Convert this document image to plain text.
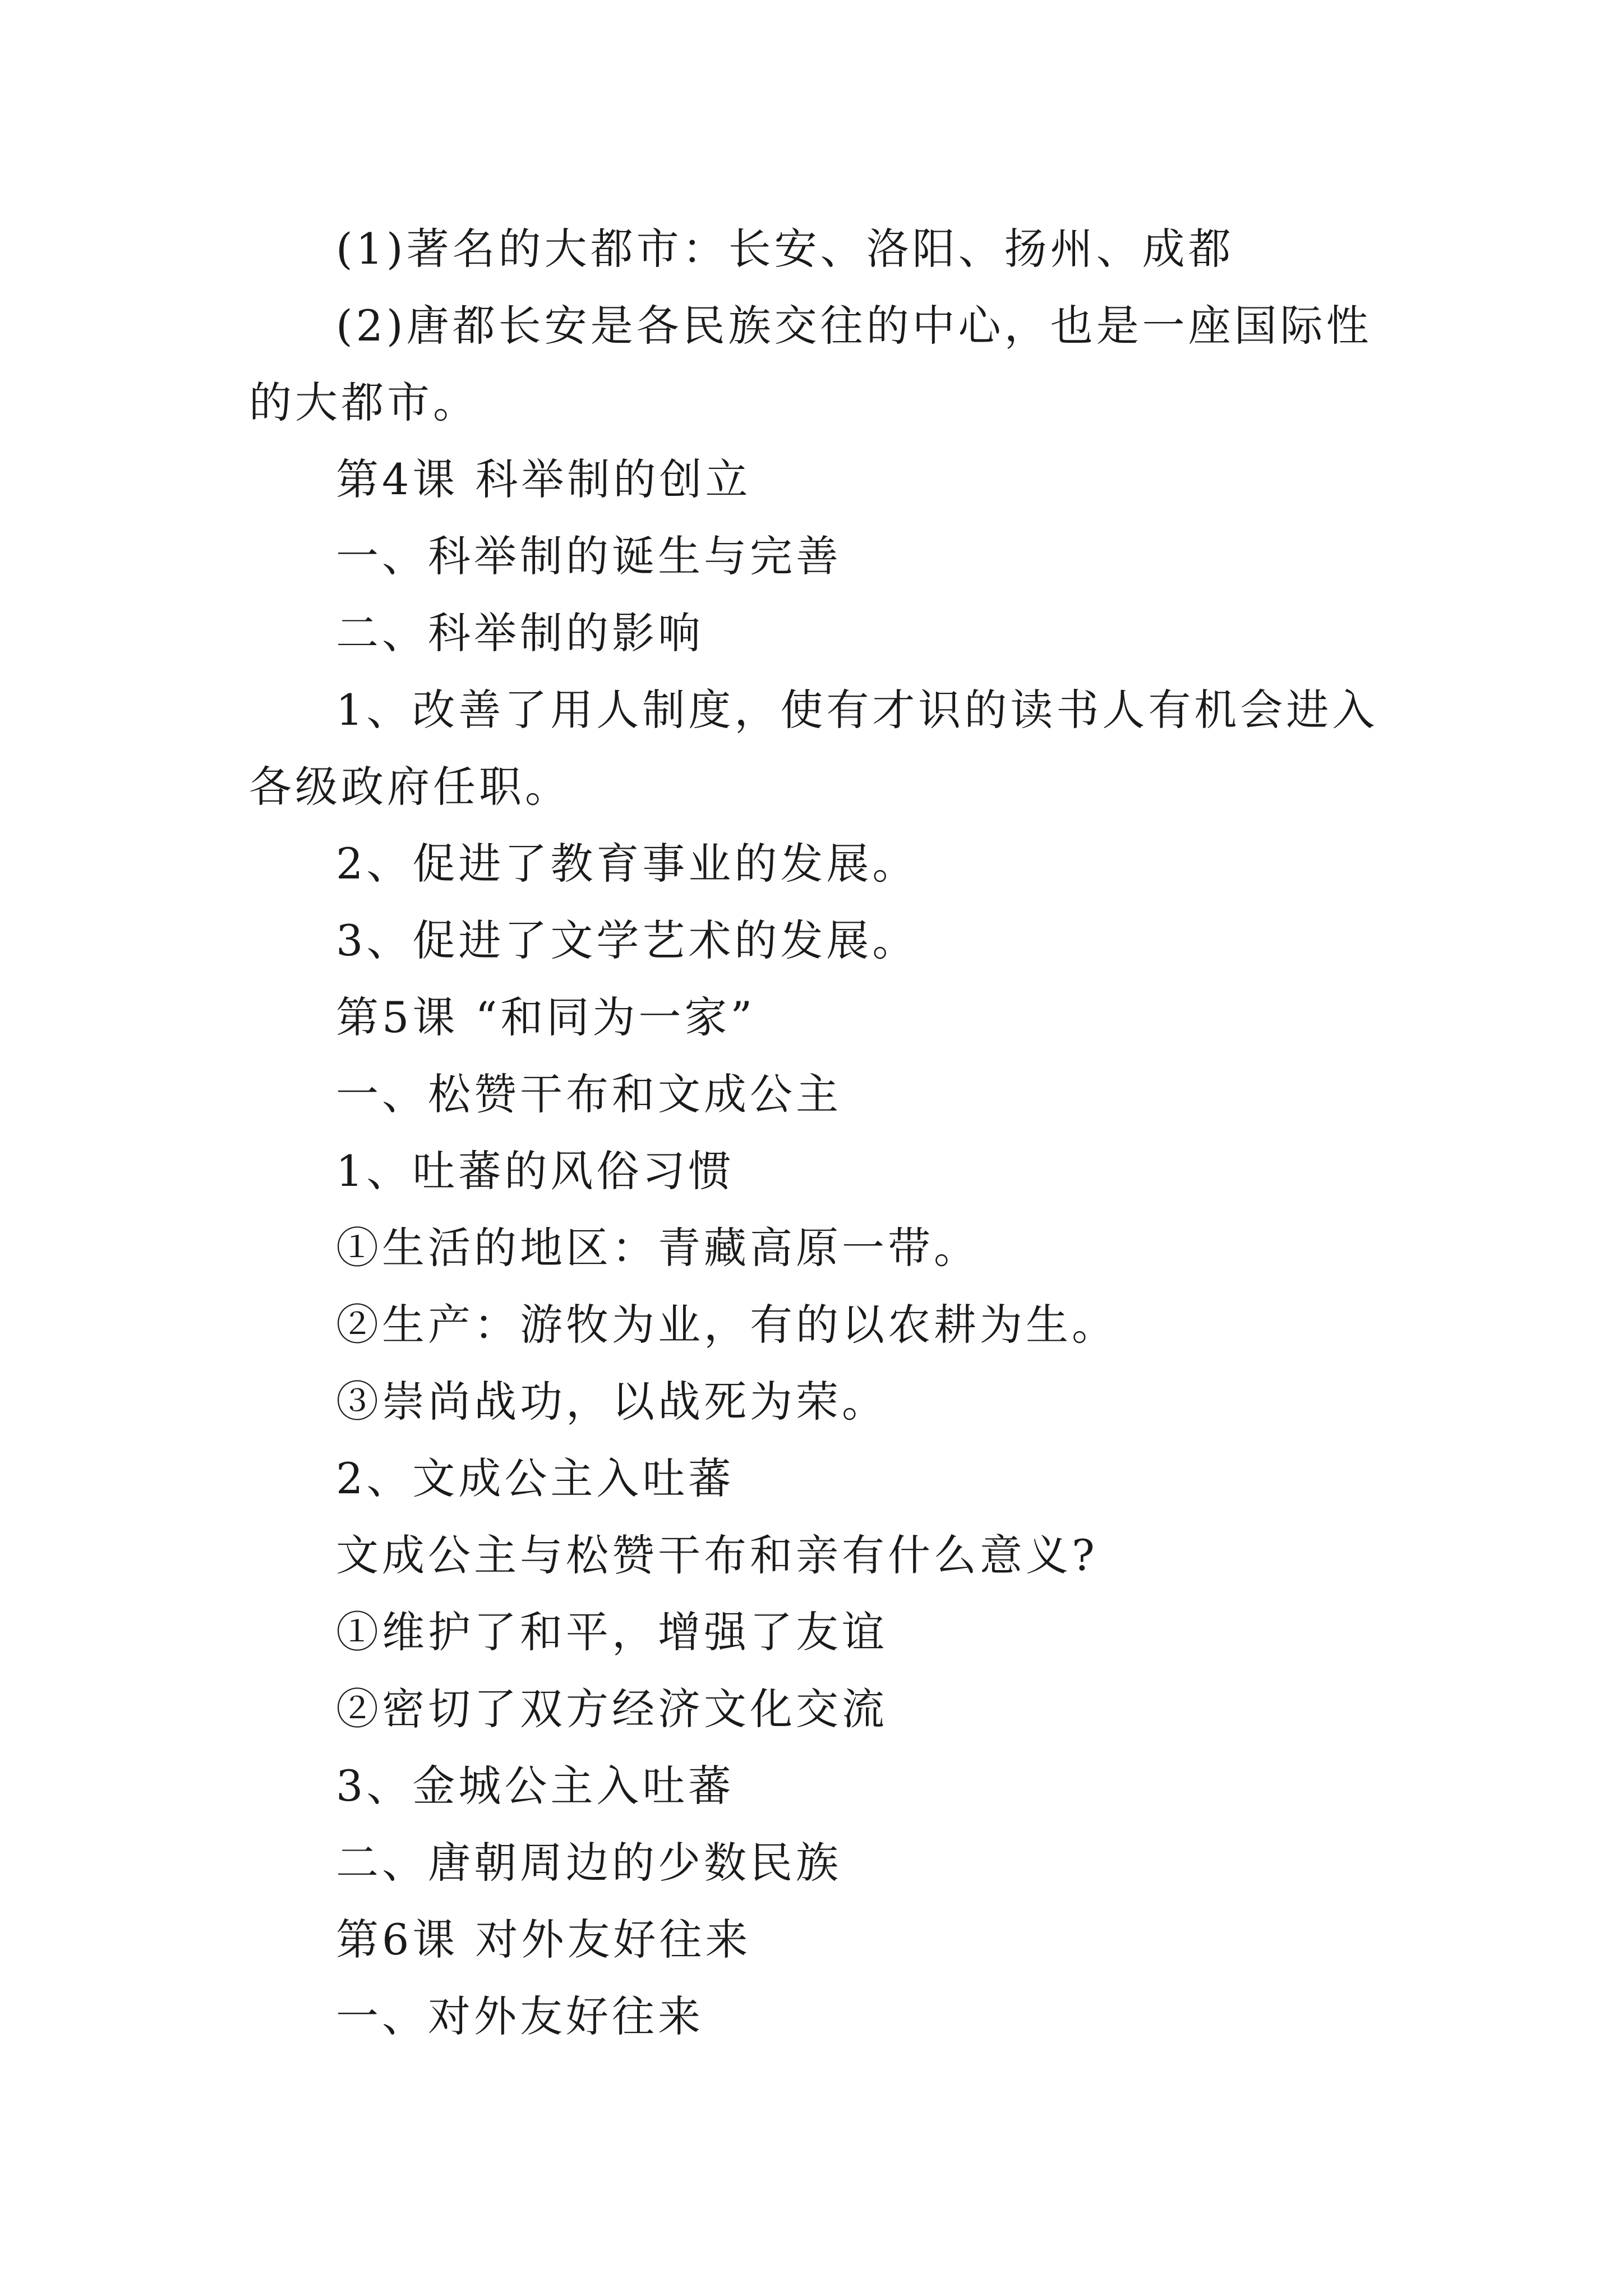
(1)著名的大都市：长安、洛阳、扬州、成都
(2)唐都长安是各民族交往的中心，也是一座国际性的大都市。
第4课 科举制的创立
一、科举制的诞生与完善
二、科举制的影响
1、改善了用人制度，使有才识的读书人有机会进入各级政府任职。
2、促进了教育事业的发展。
3、促进了文学艺术的发展。
第5课 “和同为一家”
一、松赞干布和文成公主
1、吐蕃的风俗习惯
①生活的地区：青藏高原一带。
②生产：游牧为业，有的以农耕为生。
③崇尚战功，以战死为荣。
2、文成公主入吐蕃
文成公主与松赞干布和亲有什么意义?
①维护了和平，增强了友谊
②密切了双方经济文化交流
3、金城公主入吐蕃
二、唐朝周边的少数民族
第6课 对外友好往来
一、对外友好往来
